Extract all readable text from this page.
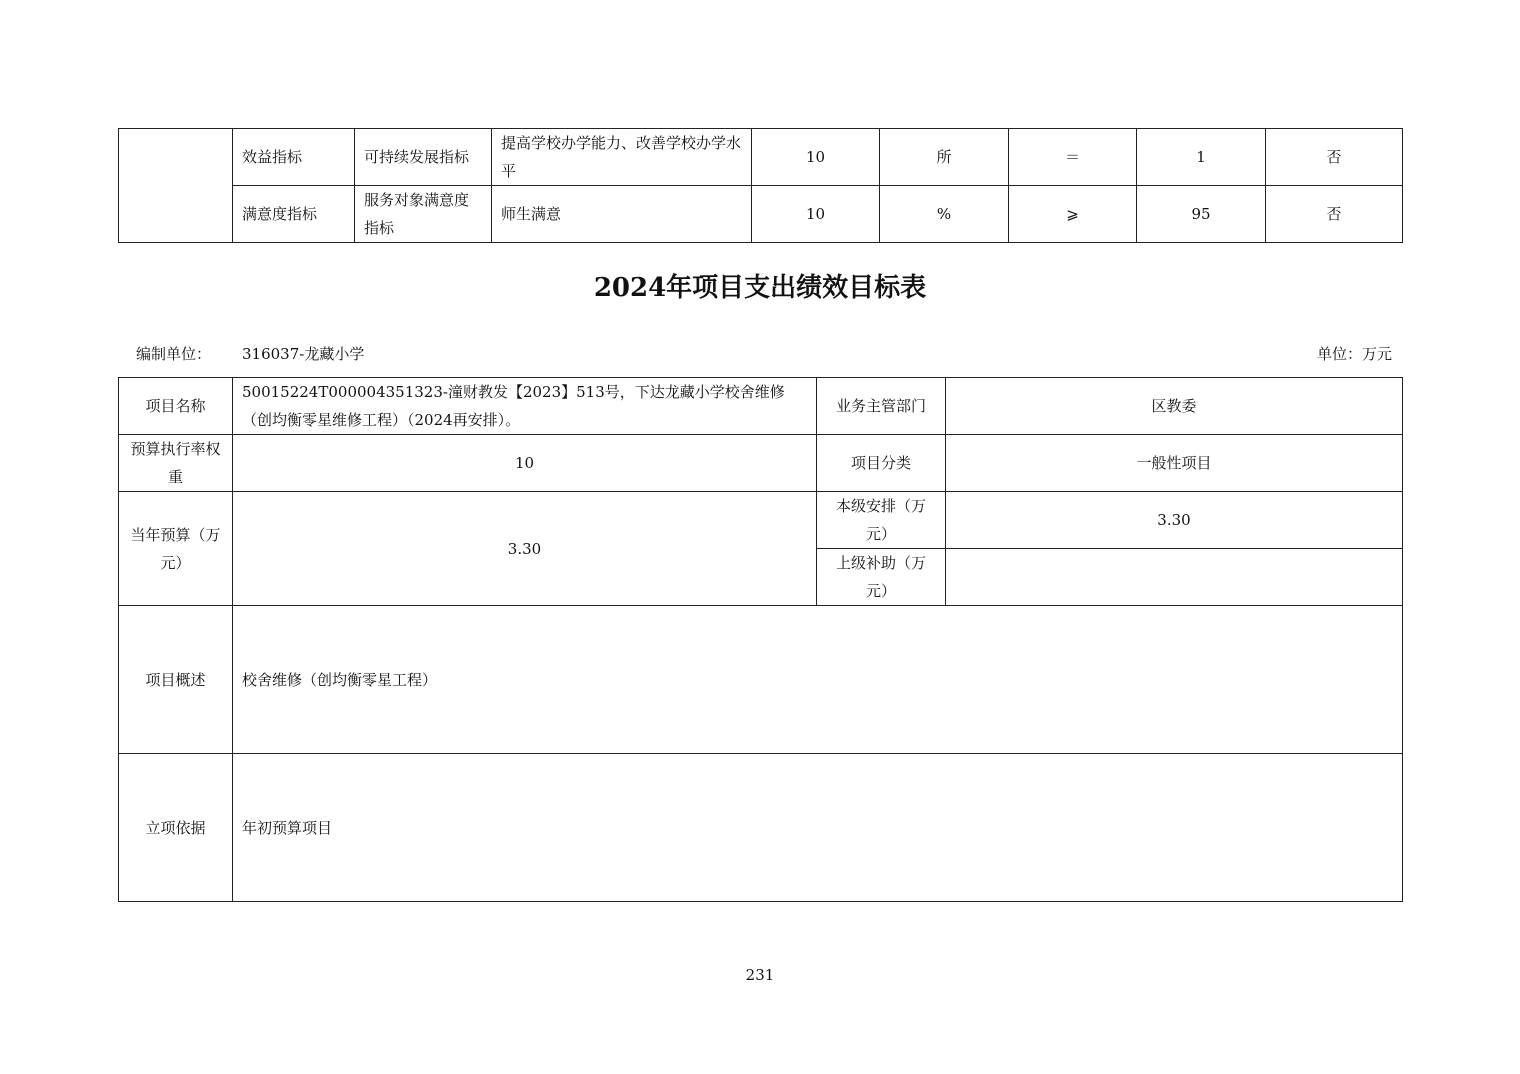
	效益指标	可持续发展指标	提高学校办学能力、改善学校办学水平	10	所	＝	1	否
	满意度指标	服务对象满意度指标	师生满意	10	%	⩾	95	否
2024年项目支出绩效目标表
编制单位： 316037-龙藏小学	单位：万元
项目名称	50015224T000004351323-潼财教发【2023】513号，下达龙藏小学校舍维修（创均衡零星维修工程）（2024再安排）。	业务主管部门	区教委
预算执行率权重	10	项目分类	一般性项目
当年预算（万元）	3.30	本级安排（万元）	3.30
		上级补助（万元）	
项目概述	校舍维修（创均衡零星工程）		
立项依据	年初预算项目		
231
